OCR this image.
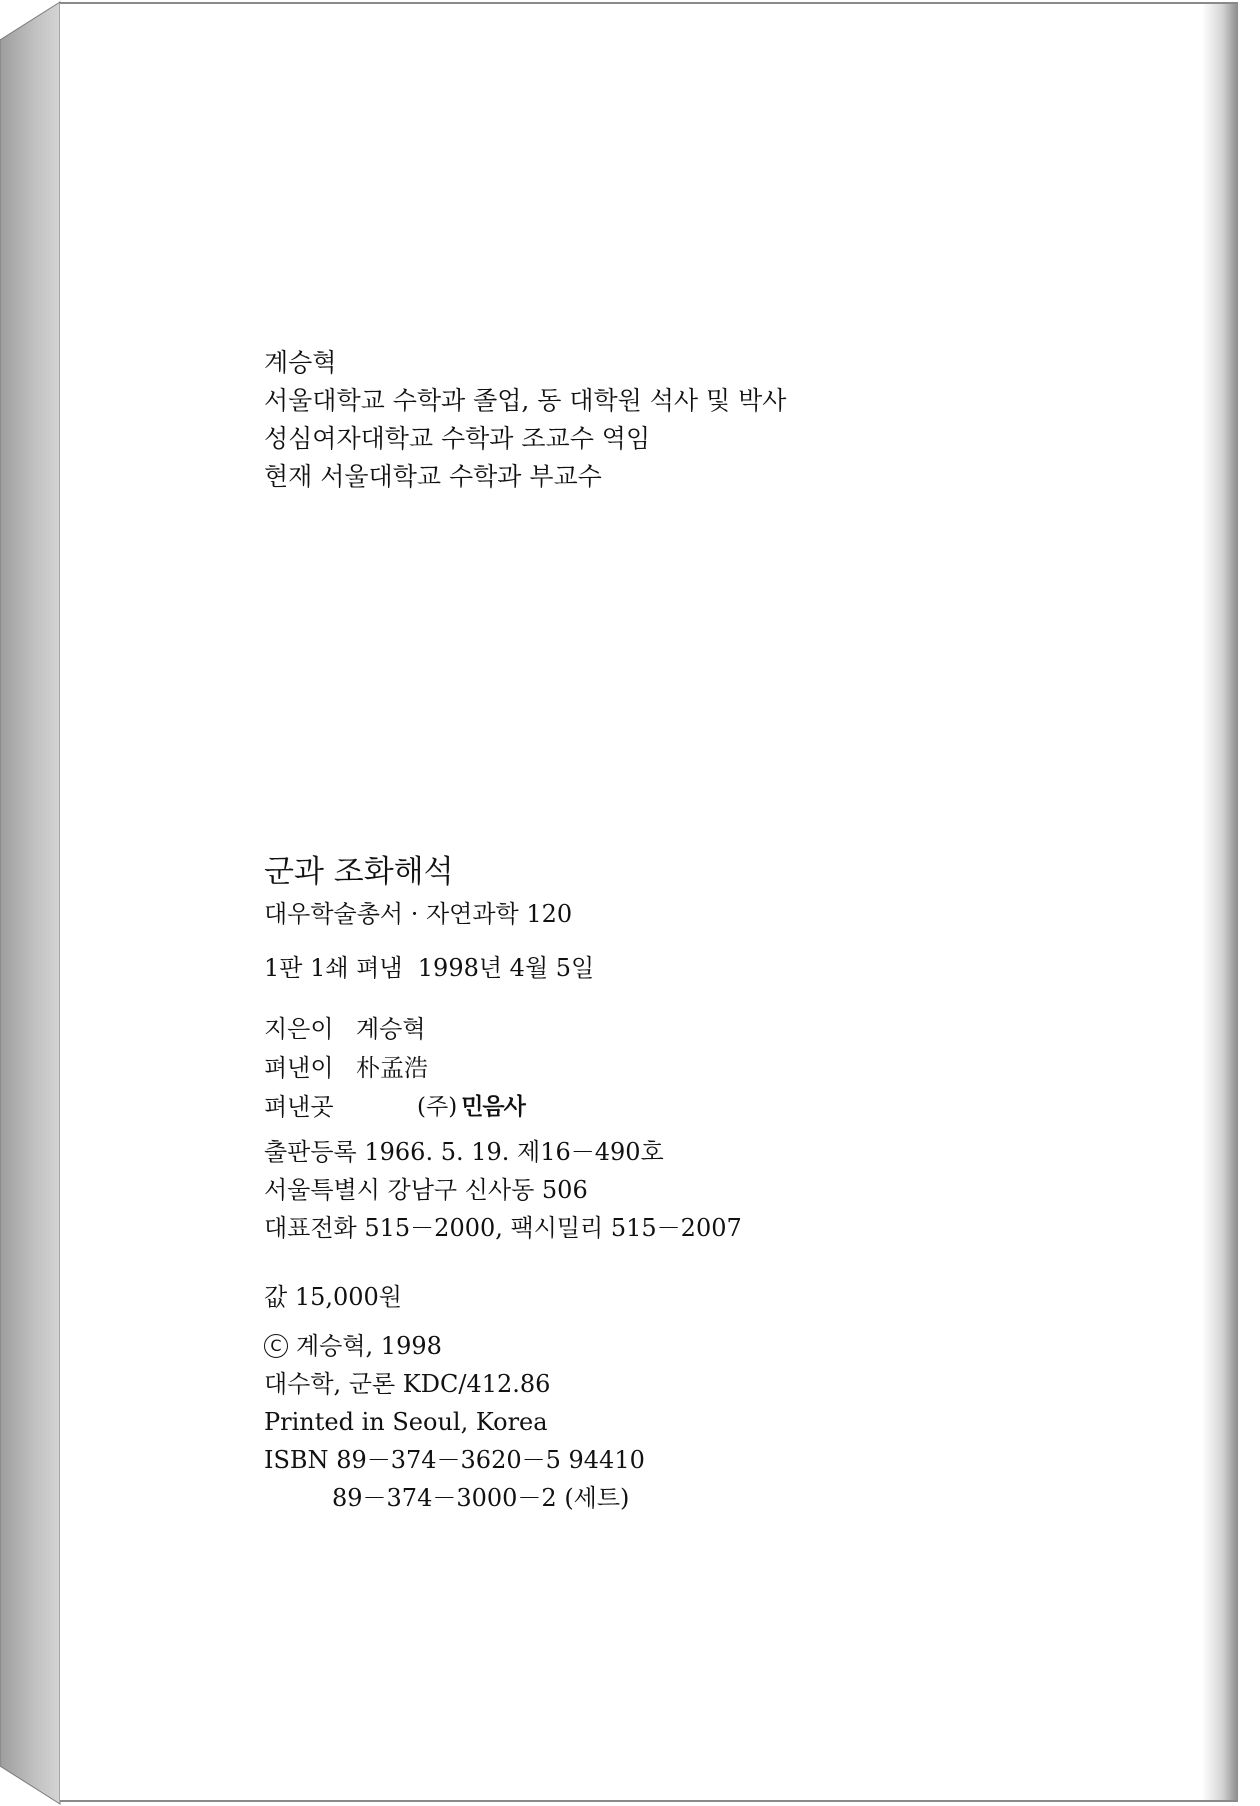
계승혁
서울대학교 수학과 졸업, 동 대학원 석사 및 박사
성심여자대학교 수학과 조교수 역임
현재 서울대학교 수학과 부교수
군과 조화해석
대우학술총서 · 자연과학 120
1판 1쇄 펴냄  1998년 4월 5일
지은이 계승혁
펴낸이 朴孟浩
펴낸곳	(주) 민음사

출판등록 1966. 5. 19. 제16－490호
서울특별시 강남구 신사동 506
대표전화 515－2000, 팩시밀리 515－2007
값 15,000원
C 계승혁, 1998
대수학, 군론 KDC/412.86
Printed in Seoul, Korea
ISBN 89－374－3620－5 94410
89－374－3000－2 (세트)
